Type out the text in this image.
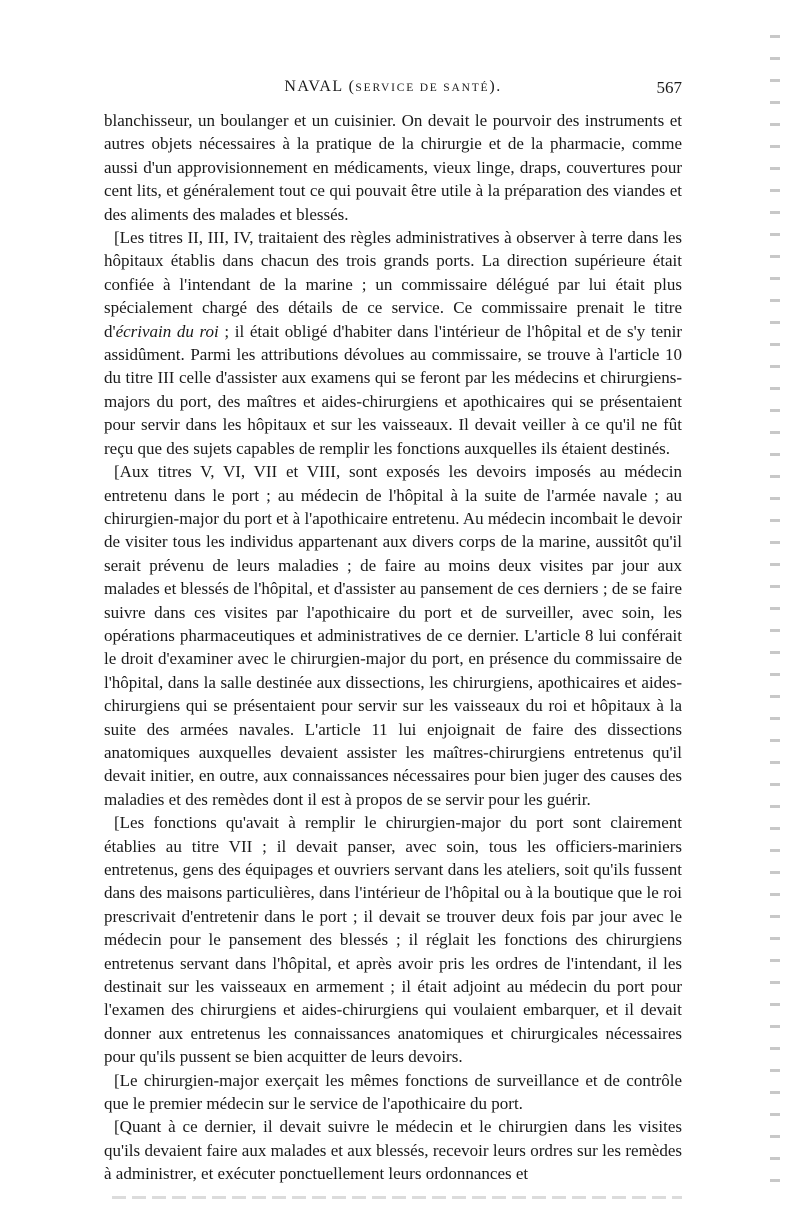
NAVAL (SERVICE DE SANTÉ).	567

blanchisseur, un boulanger et un cuisinier. On devait le pourvoir des instruments et autres objets nécessaires à la pratique de la chirurgie et de la pharmacie, comme aussi d'un approvisionnement en médicaments, vieux linge, draps, couvertures pour cent lits, et généralement tout ce qui pouvait être utile à la préparation des viandes et des aliments des malades et blessés.

[Les titres II, III, IV, traitaient des règles administratives à observer à terre dans les hôpitaux établis dans chacun des trois grands ports. La direction supérieure était confiée à l'intendant de la marine ; un commissaire délégué par lui était plus spécialement chargé des détails de ce service. Ce commissaire prenait le titre d'écrivain du roi ; il était obligé d'habiter dans l'intérieur de l'hôpital et de s'y tenir assidûment. Parmi les attributions dévolues au commissaire, se trouve à l'article 10 du titre III celle d'assister aux examens qui se feront par les médecins et chirurgiens-majors du port, des maîtres et aides-chirurgiens et apothicaires qui se présentaient pour servir dans les hôpitaux et sur les vaisseaux. Il devait veiller à ce qu'il ne fût reçu que des sujets capables de remplir les fonctions auxquelles ils étaient destinés.

[Aux titres V, VI, VII et VIII, sont exposés les devoirs imposés au médecin entretenu dans le port ; au médecin de l'hôpital à la suite de l'armée navale ; au chirurgien-major du port et à l'apothicaire entretenu. Au médecin incombait le devoir de visiter tous les individus appartenant aux divers corps de la marine, aussitôt qu'il serait prévenu de leurs maladies ; de faire au moins deux visites par jour aux malades et blessés de l'hôpital, et d'assister au pansement de ces derniers ; de se faire suivre dans ces visites par l'apothicaire du port et de surveiller, avec soin, les opérations pharmaceutiques et administratives de ce dernier. L'article 8 lui conférait le droit d'examiner avec le chirurgien-major du port, en présence du commissaire de l'hôpital, dans la salle destinée aux dissections, les chirurgiens, apothicaires et aides-chirurgiens qui se présentaient pour servir sur les vaisseaux du roi et hôpitaux à la suite des armées navales. L'article 11 lui enjoignait de faire des dissections anatomiques auxquelles devaient assister les maîtres-chirurgiens entretenus qu'il devait initier, en outre, aux connaissances nécessaires pour bien juger des causes des maladies et des remèdes dont il est à propos de se servir pour les guérir.

[Les fonctions qu'avait à remplir le chirurgien-major du port sont clairement établies au titre VII ; il devait panser, avec soin, tous les officiers-mariniers entretenus, gens des équipages et ouvriers servant dans les ateliers, soit qu'ils fussent dans des maisons particulières, dans l'intérieur de l'hôpital ou à la boutique que le roi prescrivait d'entretenir dans le port ; il devait se trouver deux fois par jour avec le médecin pour le pansement des blessés ; il réglait les fonctions des chirurgiens entretenus servant dans l'hôpital, et après avoir pris les ordres de l'intendant, il les destinait sur les vaisseaux en armement ; il était adjoint au médecin du port pour l'examen des chirurgiens et aides-chirurgiens qui voulaient embarquer, et il devait donner aux entretenus les connaissances anatomiques et chirurgicales nécessaires pour qu'ils pussent se bien acquitter de leurs devoirs.

[Le chirurgien-major exerçait les mêmes fonctions de surveillance et de contrôle que le premier médecin sur le service de l'apothicaire du port.

[Quant à ce dernier, il devait suivre le médecin et le chirurgien dans les visites qu'ils devaient faire aux malades et aux blessés, recevoir leurs ordres sur les remèdes à administrer, et exécuter ponctuellement leurs ordonnances et
